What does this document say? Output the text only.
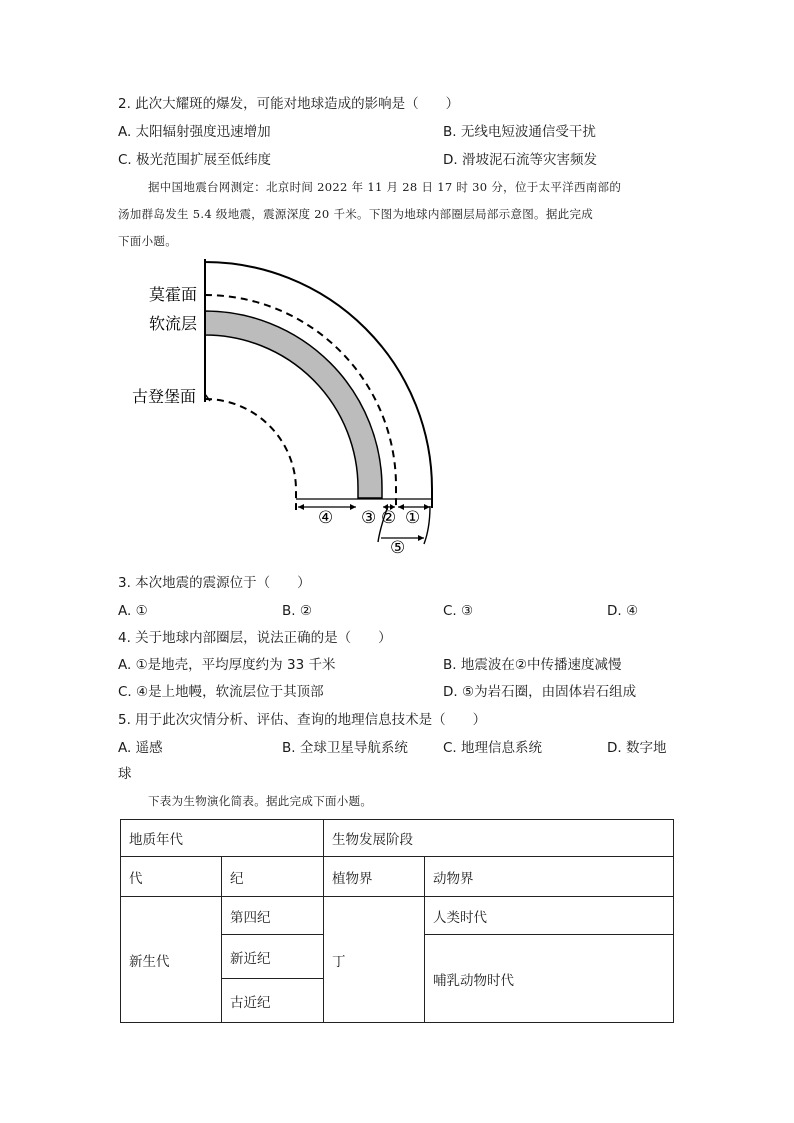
2. 此次大耀斑的爆发，可能对地球造成的影响是（　　）
A. 太阳辐射强度迅速增加	B. 无线电短波通信受干扰
C. 极光范围扩展至低纬度	D. 滑坡泥石流等灾害频发
据中国地震台网测定：北京时间 2022 年 11 月 28 日 17 时 30 分，位于太平洋西南部的
汤加群岛发生 5.4 级地震，震源深度 20 千米。下图为地球内部圈层局部示意图。据此完成
下面小题。
莫霍面
软流层
古登堡面
④ ③ ② ①
⑤
3. 本次地震的震源位于（　　）
A. ①	B. ②	C. ③	D. ④
4. 关于地球内部圈层，说法正确的是（　　）
A. ①是地壳，平均厚度约为 33 千米	B. 地震波在②中传播速度减慢
C. ④是上地幔，软流层位于其顶部	D. ⑤为岩石圈，由固体岩石组成
5. 用于此次灾情分析、评估、查询的地理信息技术是（　　）
A. 遥感	B. 全球卫星导航系统	C. 地理信息系统	D. 数字地
球
下表为生物演化简表。据此完成下面小题。
地质年代		生物发展阶段	
代	纪	植物界	动物界
新生代	第四纪	丁	人类时代
	新近纪		哺乳动物时代
	古近纪		
